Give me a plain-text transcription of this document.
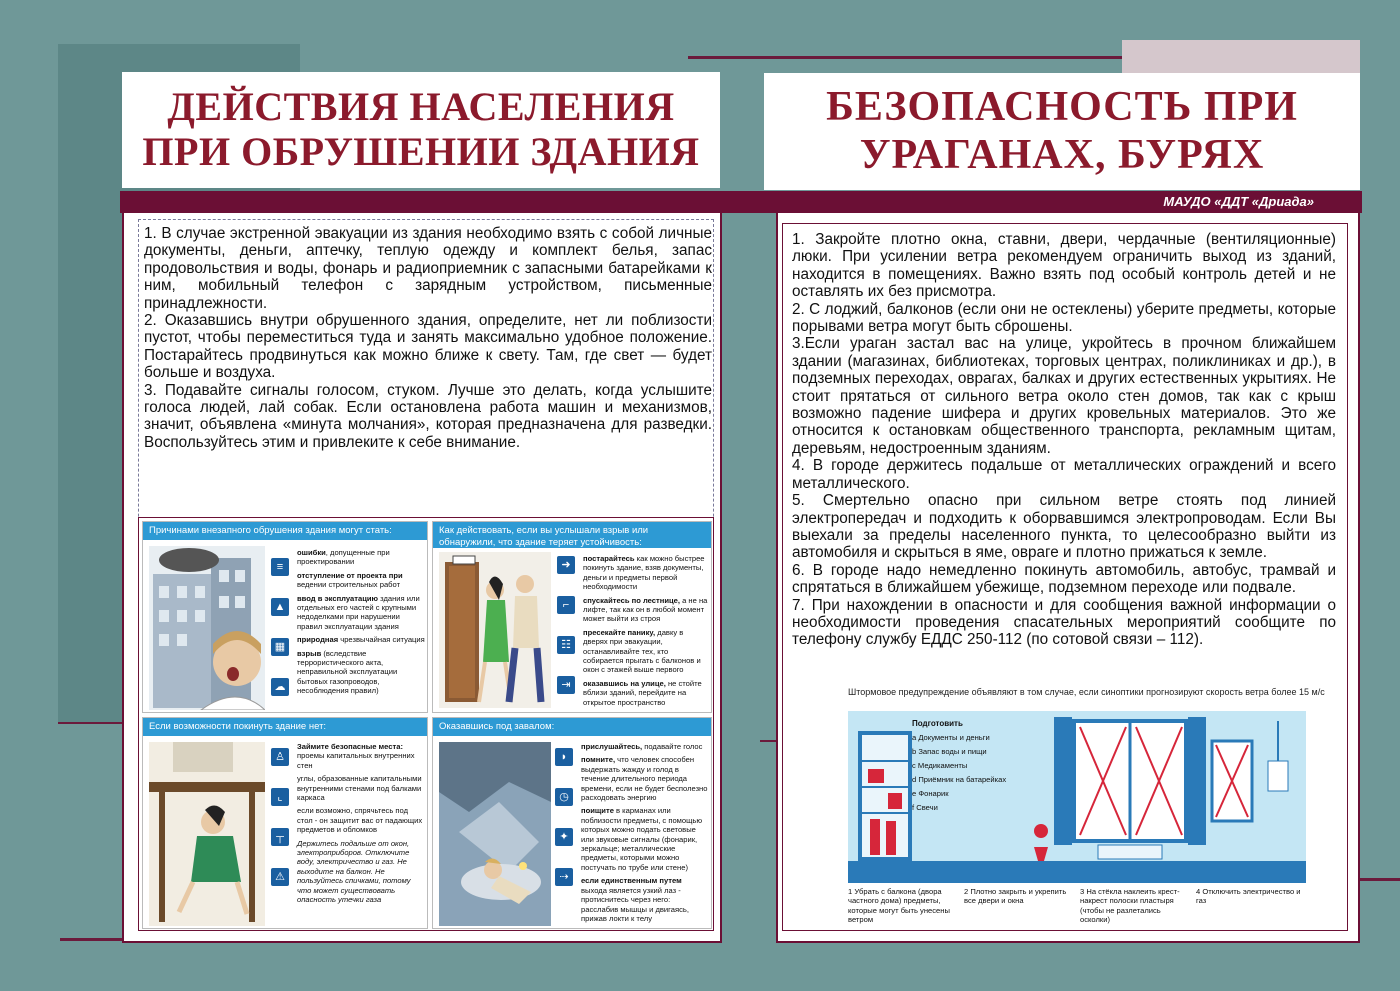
ДЕЙСТВИЯ НАСЕЛЕНИЯ ПРИ ОБРУШЕНИИ ЗДАНИЯ
БЕЗОПАСНОСТЬ ПРИ УРАГАНАХ, БУРЯХ
МАУДО «ДДТ «Дриада»

1. В случае экстренной эвакуации из здания необходимо взять с собой личные документы, деньги, аптечку, теплую одежду и комплект белья, запас продовольствия и воды, фонарь и радиоприемник с запасными батарейками к ним, мобильный телефон с зарядным устройством, письменные принадлежности.

2. Оказавшись внутри обрушенного здания, определите, нет ли поблизости пустот, чтобы переместиться туда и занять максимально удобное положение. Постарайтесь продвинуться как можно ближе к свету. Там, где свет — будет больше и воздуха.

3. Подавайте сигналы голосом, стуком. Лучше это делать, когда услышите голоса людей, лай собак. Если остановлена работа машин и механизмов, значит, объявлена «минута молчания», которая предназначена для разведки. Воспользуйтесь этим и привлеките к себе внимание.

Причинами внезапного обрушения здания могут стать:
≡
▲
▦
☁

ошибки, допущенные при проектировании

отступление от проекта при ведении строительных работ

ввод в эксплуатацию здания или отдельных его частей с крупными недоделками при нарушении правил эксплуатации здания

природная чрезвычайная ситуация

взрыв (вследствие террористического акта, неправильной эксплуатации бытовых газопроводов, несоблюдения правил)

Как действовать, если вы услышали взрыв или обнаружили, что здание теряет устойчивость:
➜
⌐
☷
⇥

постарайтесь как можно быстрее покинуть здание, взяв документы, деньги и предметы первой необходимости

спускайтесь по лестнице, а не на лифте, так как он в любой момент может выйти из строя

пресекайте панику, давку в дверях при эвакуации, останавливайте тех, кто собирается прыгать с балконов и окон с этажей выше первого

оказавшись на улице, не стойте вблизи зданий, перейдите на открытое пространство

Если возможности покинуть здание нет:
♙
⌞
┬
⚠

Займите безопасные места: проемы капитальных внутренних стен

углы, образованные капитальными внутренними стенами под балками каркаса

если возможно, спрячьтесь под стол - он защитит вас от падающих предметов и обломков

Держитесь подальше от окон, электроприборов. Отключите воду, электричество и газ. Не выходите на балкон. Не пользуйтесь спичками, потому что может существовать опасность утечки газа

Оказавшись под завалом:
◗
◷
✦
⇢

прислушайтесь, подавайте голос

помните, что человек способен выдержать жажду и голод в течение длительного периода времени, если не будет бесполезно расходовать энергию

поищите в карманах или поблизости предметы, с помощью которых можно подать световые или звуковые сигналы (фонарик, зеркальце; металлические предметы, которыми можно постучать по трубе или стене)

если единственным путем выхода является узкий лаз - протиснитесь через него: расслабив мышцы и двигаясь, прижав локти к телу

1. Закройте плотно окна, ставни, двери, чердачные (вентиляционные) люки. При усилении ветра рекомендуем ограничить выход из зданий, находится в помещениях. Важно взять под особый контроль детей и не оставлять их без присмотра.

2. С лоджий, балконов (если они не остеклены) уберите предметы, которые порывами ветра могут быть сброшены.

3.Если ураган застал вас на улице, укройтесь в прочном ближайшем здании (магазинах, библиотеках, торговых центрах, поликлиниках и др.), в подземных переходах, оврагах, балках и других естественных укрытиях. Не стоит прятаться от сильного ветра около стен домов, так как с крыш возможно падение шифера и других кровельных материалов. Это же относится к остановкам общественного транспорта, рекламным щитам, деревьям, недостроенным зданиям.

4. В городе держитесь подальше от металлических ограждений и всего металлического.

5. Смертельно опасно при сильном ветре стоять под линией электропередач и подходить к оборвавшимся электропроводам. Если Вы выехали за пределы населенного пункта, то целесообразно выйти из автомобиля и скрыться в яме, овраге и плотно прижаться к земле.

6. В городе надо немедленно покинуть автомобиль, автобус, трамвай и спрятаться в ближайшем убежище, подземном переходе или подвале.

7. При нахождении в опасности и для сообщения важной информации о необходимости проведения спасательных мероприятий сообщите по телефону службу ЕДДС 250-112 (по сотовой связи – 112).

Штормовое предупреждение объявляют в том случае, если синоптики прогнозируют скорость ветра более 15 м/с
Подготовить
a Документы и деньги
b Запас воды и пищи
c Медикаменты
d Приёмник на батарейках
e Фонарик
f Свечи
1 Убрать с балкона (двора частного дома) предметы, которые могут быть унесены ветром
2 Плотно закрыть и укрепить все двери и окна
3 На стёкла наклеить крест-накрест полоски пластыря (чтобы не разлетались осколки)
4 Отключить электричество и газ
